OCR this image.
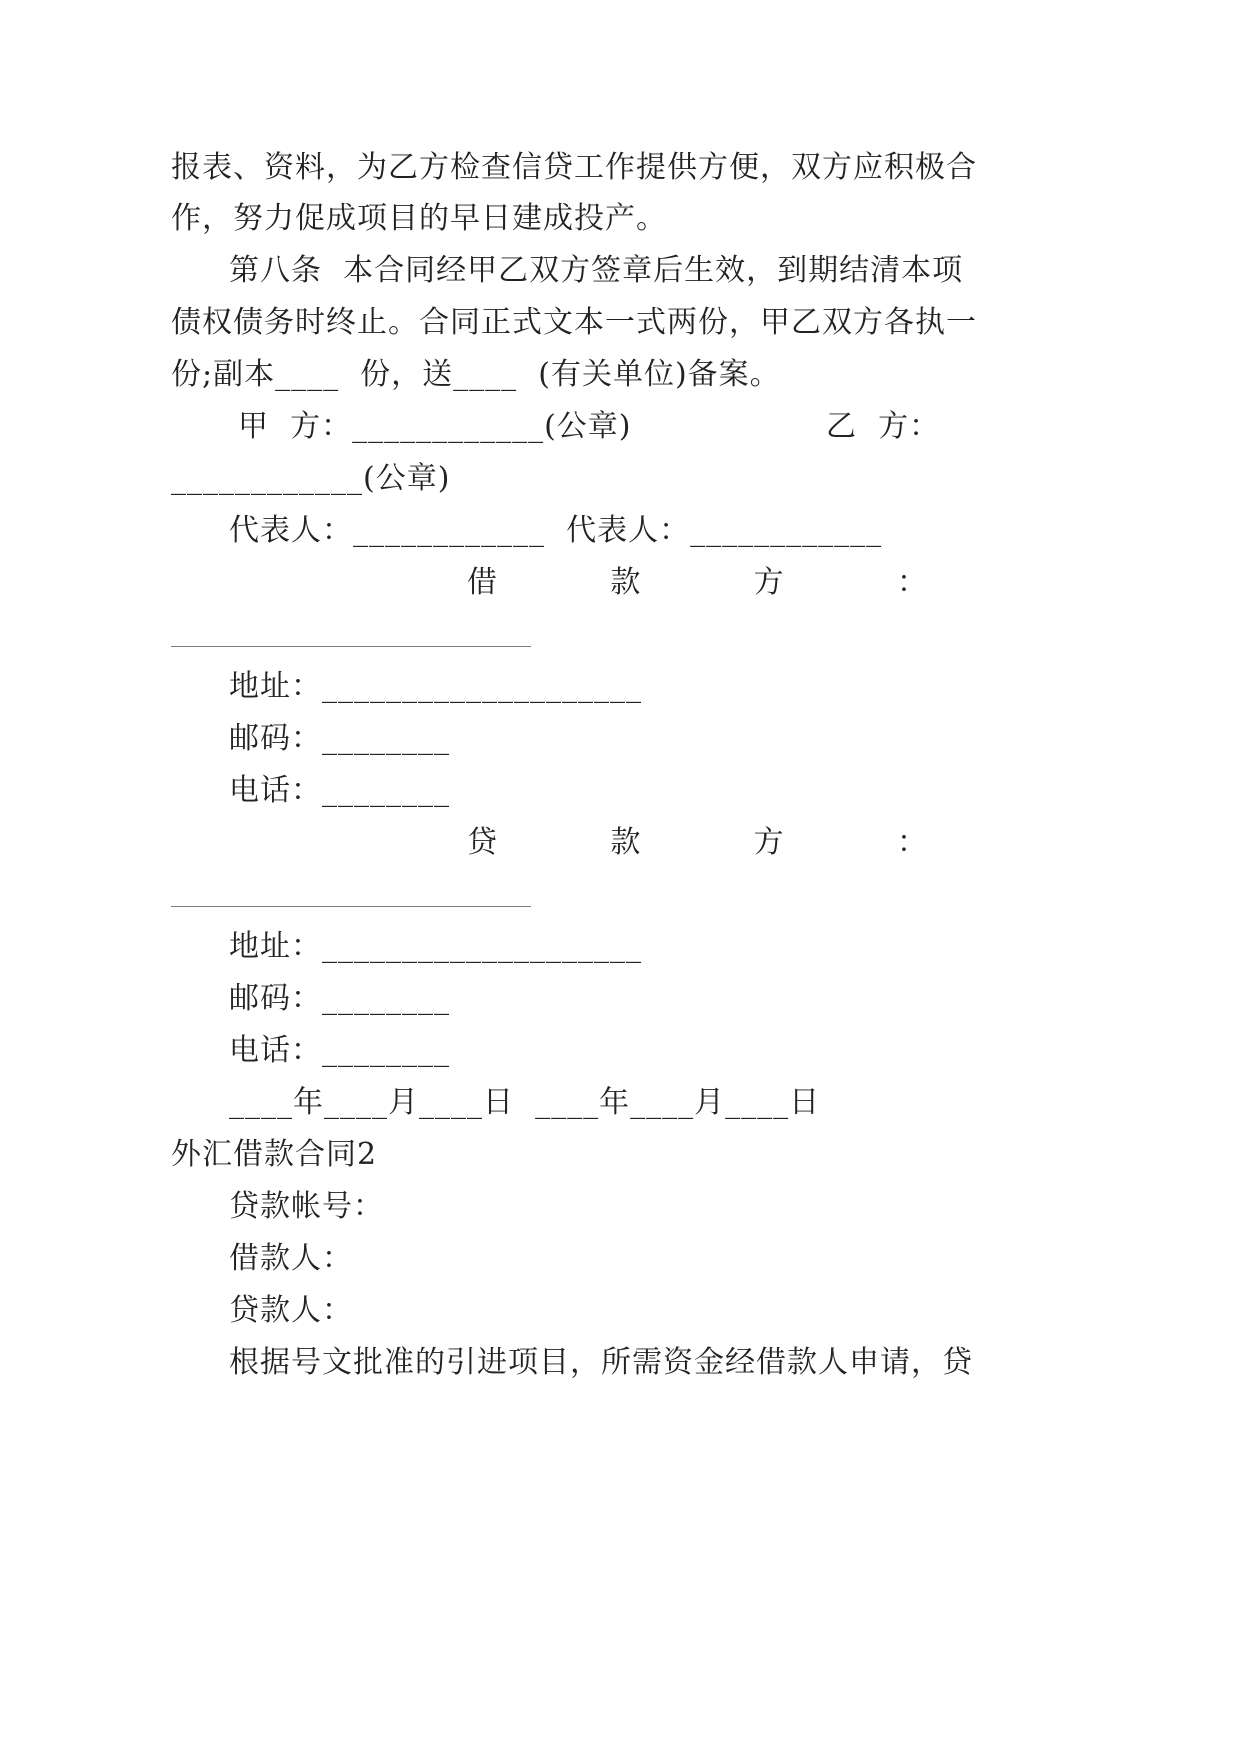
报表、资料，为乙方检查信贷工作提供方便，双方应积极合
作，努力促成项目的早日建成投产。
第八条  本合同经甲乙双方签章后生效，到期结清本项
债权债务时终止。合同正式文本一式两份，甲乙双方各执一
份;副本____  份，送____  (有关单位)备案。
甲  方：____________(公章)	乙  方：
____________(公章)
代表人：____________  代表人：____________
借	款	方	：
________________________________________________
地址：____________________
邮码：________
电话：________
贷	款	方	：
________________________________________________
地址：____________________
邮码：________
电话：________
____年____月____日  ____年____月____日
外汇借款合同2
贷款帐号：
借款人：
贷款人：
根据号文批准的引进项目，所需资金经借款人申请，贷
